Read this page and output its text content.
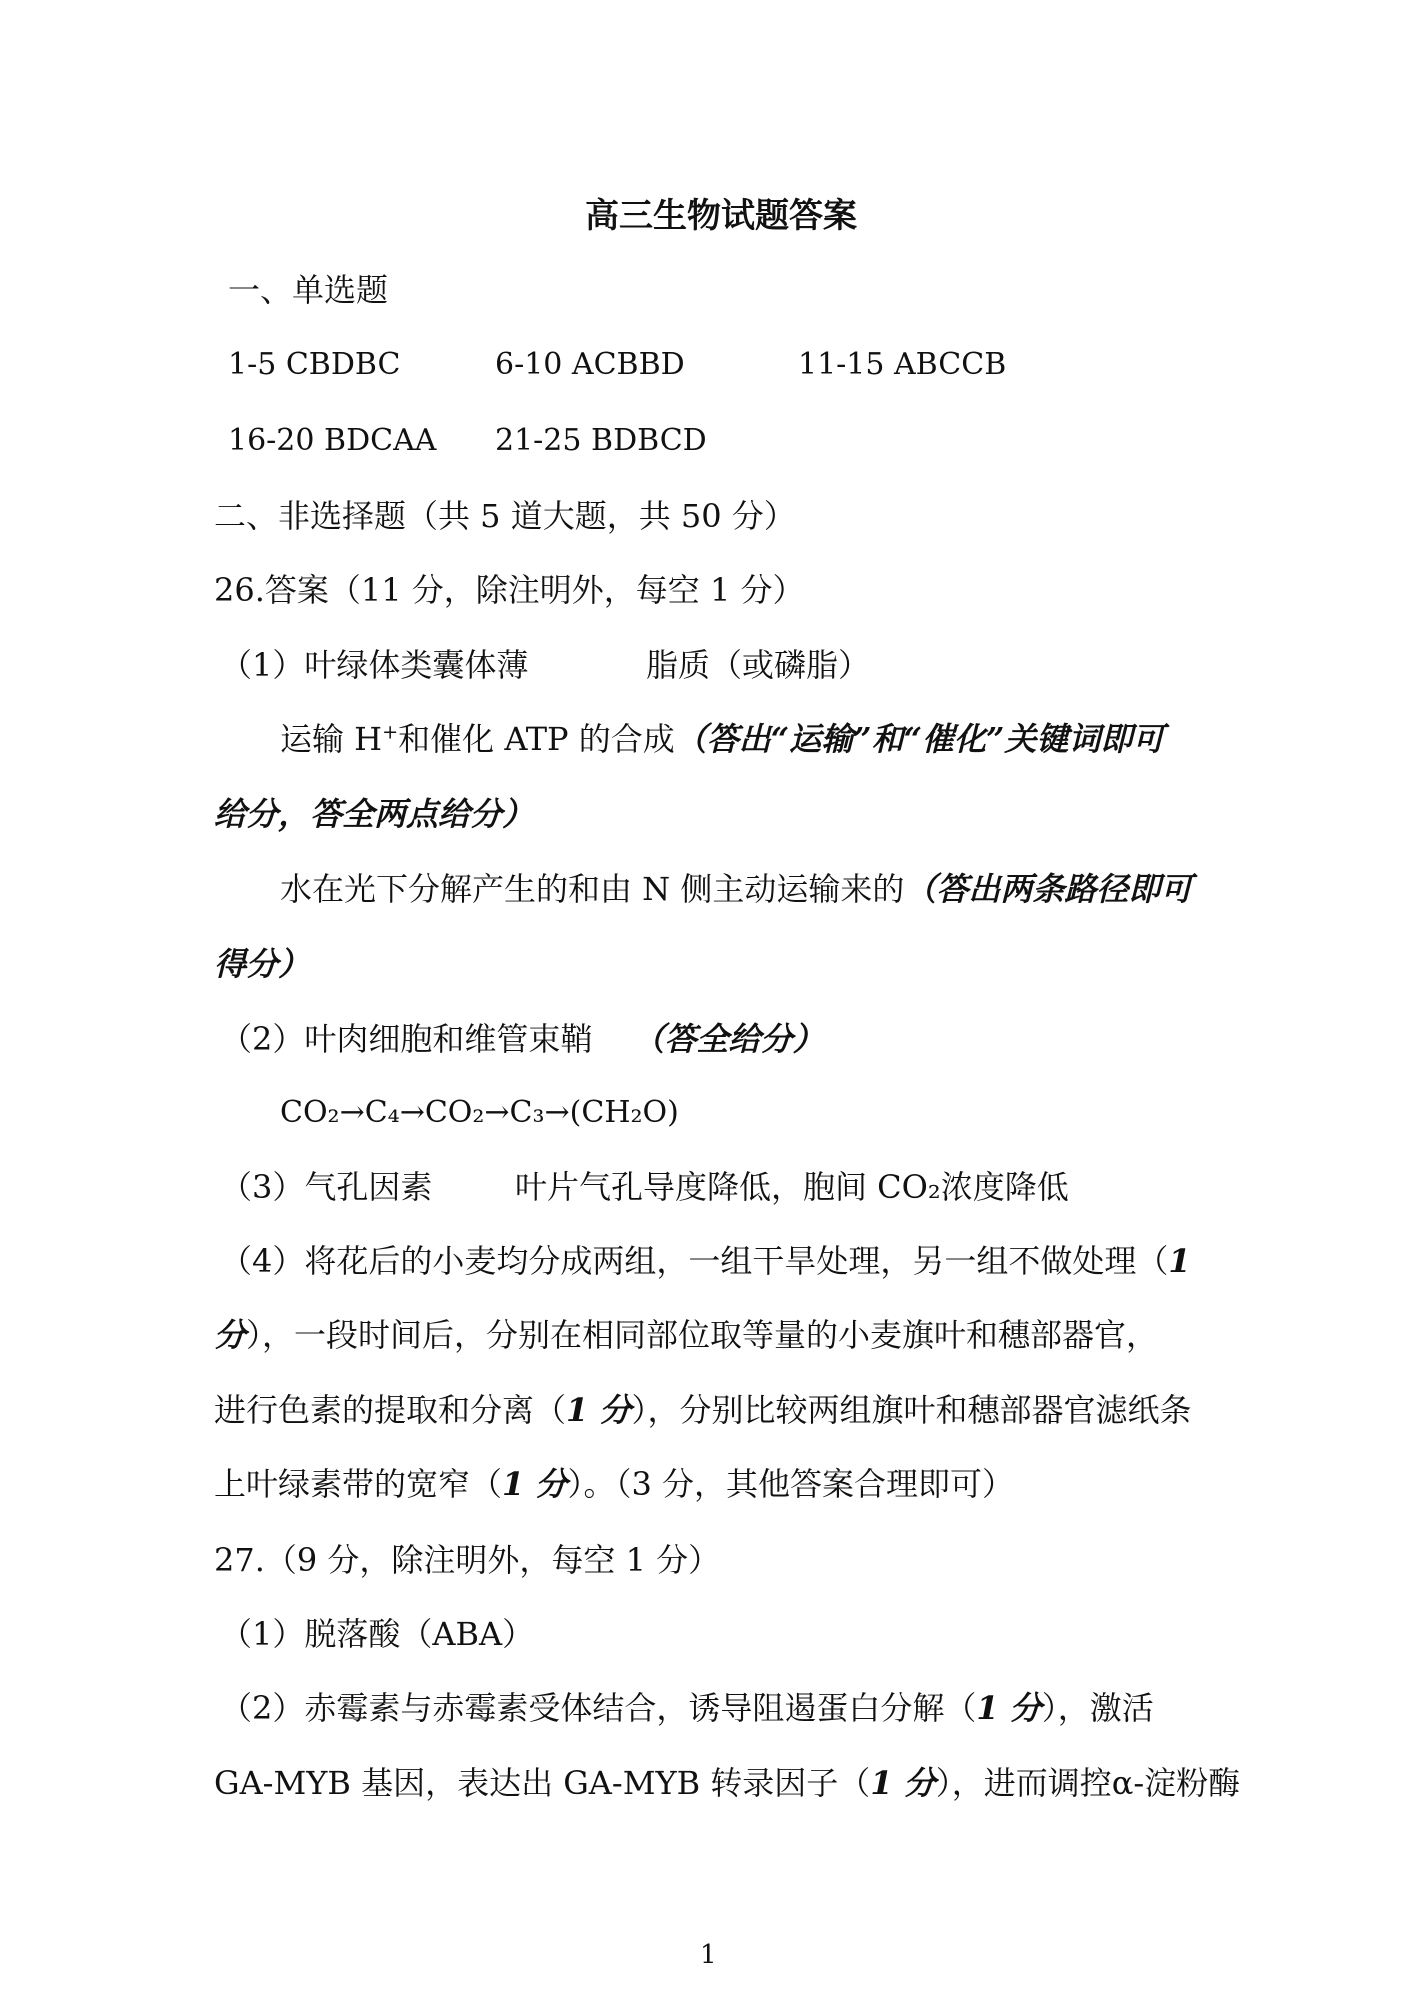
高三生物试题答案
一、单选题
1-5 CBDBC	6-10 ACBBD	11-15 ABCCB
16-20 BDCAA 21-25 BDBCD
二、非选择题（共 5 道大题，共 50 分）
26.答案（11 分，除注明外，每空 1 分）
（1）叶绿体类囊体薄	脂质（或磷脂）
运输 H+和催化 ATP 的合成（答出“运输”和“催化”关键词即可
给分，答全两点给分）
水在光下分解产生的和由 N 侧主动运输来的（答出两条路径即可
得分）
（2）叶肉细胞和维管束鞘 （答全给分）
CO₂→C₄→CO₂→C₃→(CH₂O)
（3）气孔因素	叶片气孔导度降低，胞间 CO₂浓度降低
（4）将花后的小麦均分成两组，一组干旱处理，另一组不做处理（1
分），一段时间后，分别在相同部位取等量的小麦旗叶和穗部器官，
进行色素的提取和分离（1 分），分别比较两组旗叶和穗部器官滤纸条
上叶绿素带的宽窄（1 分）。（3 分，其他答案合理即可）
27.（9 分，除注明外，每空 1 分）
（1）脱落酸（ABA）
（2）赤霉素与赤霉素受体结合，诱导阻遏蛋白分解（1 分），激活
GA-MYB 基因，表达出 GA-MYB 转录因子（1 分），进而调控α-淀粉酶
1
